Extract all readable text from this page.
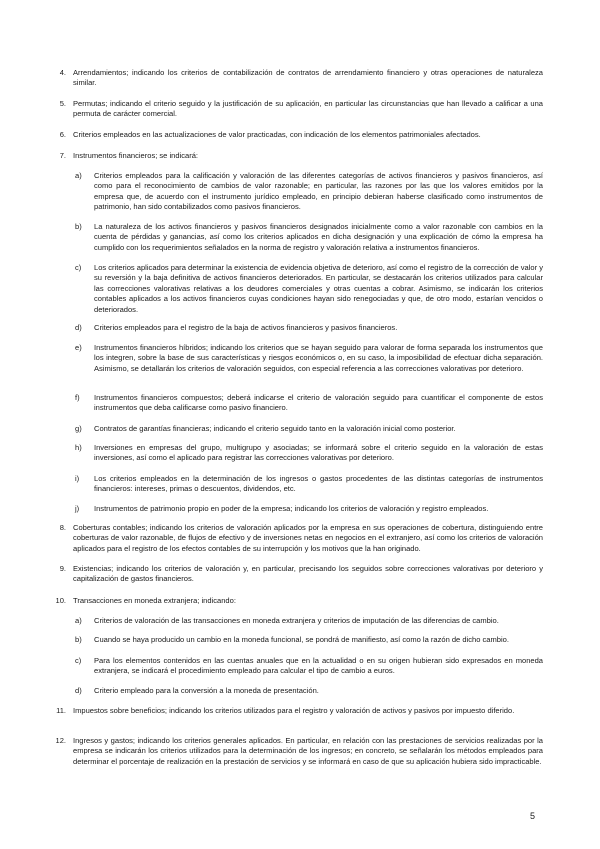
4. Arrendamientos; indicando los criterios de contabilización de contratos de arrendamiento financiero y otras operaciones de naturaleza similar.
5. Permutas; indicando el criterio seguido y la justificación de su aplicación, en particular las circunstancias que han llevado a calificar a una permuta de carácter comercial.
6. Criterios empleados en las actualizaciones de valor practicadas, con indicación de los elementos patrimoniales afectados.
7. Instrumentos financieros; se indicará:
a)	Criterios empleados para la calificación y valoración de las diferentes categorías de activos financieros y pasivos financieros, así como para el reconocimiento de cambios de valor razonable; en particular, las razones por las que los valores emitidos por la empresa que, de acuerdo con el instrumento jurídico empleado, en principio debieran haberse clasificado como instrumentos de patrimonio, han sido contabilizados como pasivos financieros.
b)	La naturaleza de los activos financieros y pasivos financieros designados inicialmente como a valor razonable con cambios en la cuenta de pérdidas y ganancias, así como los criterios aplicados en dicha designación y una explicación de cómo la empresa ha cumplido con los requerimientos señalados en la norma de registro y valoración relativa a instrumentos financieros.
c)	Los criterios aplicados para determinar la existencia de evidencia objetiva de deterioro, así como el registro de la corrección de valor y su reversión y la baja definitiva de activos financieros deteriorados. En particular, se destacarán los criterios utilizados para calcular las correcciones valorativas relativas a los deudores comerciales y otras cuentas a cobrar. Asimismo, se indicarán los criterios contables aplicados a los activos financieros cuyas condiciones hayan sido renegociadas y que, de otro modo, estarían vencidos o deteriorados.
d)	Criterios empleados para el registro de la baja de activos financieros y pasivos financieros.
e)	Instrumentos financieros híbridos; indicando los criterios que se hayan seguido para valorar de forma separada los instrumentos que los integren, sobre la base de sus características y riesgos económicos o, en su caso, la imposibilidad de efectuar dicha separación. Asimismo, se detallarán los criterios de valoración seguidos, con especial referencia a las correcciones valorativas por deterioro.
f)	Instrumentos financieros compuestos; deberá indicarse el criterio de valoración seguido para cuantificar el componente de estos instrumentos que deba calificarse como pasivo financiero.
g)	Contratos de garantías financieras; indicando el criterio seguido tanto en la valoración inicial como posterior.
h)	Inversiones en empresas del grupo, multigrupo y asociadas; se informará sobre el criterio seguido en la valoración de estas inversiones, así como el aplicado para registrar las correcciones valorativas por deterioro.
i)	Los criterios empleados en la determinación de los ingresos o gastos procedentes de las distintas categorías de instrumentos financieros: intereses, primas o descuentos, dividendos, etc.
j)	Instrumentos de patrimonio propio en poder de la empresa; indicando los criterios de valoración y registro empleados.
8. Coberturas contables; indicando los criterios de valoración aplicados por la empresa en sus operaciones de cobertura, distinguiendo entre coberturas de valor razonable, de flujos de efectivo y de inversiones netas en negocios en el extranjero, así como los criterios de valoración aplicados para el registro de los efectos contables de su interrupción y los motivos que la han originado.
9. Existencias; indicando los criterios de valoración y, en particular, precisando los seguidos sobre correcciones valorativas por deterioro y capitalización de gastos financieros.
10. Transacciones en moneda extranjera; indicando:
a)	Criterios de valoración de las transacciones en moneda extranjera y criterios de imputación de las diferencias de cambio.
b)	Cuando se haya producido un cambio en la moneda funcional, se pondrá de manifiesto, así como la razón de dicho cambio.
c)	Para los elementos contenidos en las cuentas anuales que en la actualidad o en su origen hubieran sido expresados en moneda extranjera, se indicará el procedimiento empleado para calcular el tipo de cambio a euros.
d)	Criterio empleado para la conversión a la moneda de presentación.
11. Impuestos sobre beneficios; indicando los criterios utilizados para el registro y valoración de activos y pasivos por impuesto diferido.
12. Ingresos y gastos; indicando los criterios generales aplicados. En particular, en relación con las prestaciones de servicios realizadas por la empresa se indicarán los criterios utilizados para la determinación de los ingresos; en concreto, se señalarán los métodos empleados para determinar el porcentaje de realización en la prestación de servicios y se informará en caso de que su aplicación hubiera sido impracticable.
5
